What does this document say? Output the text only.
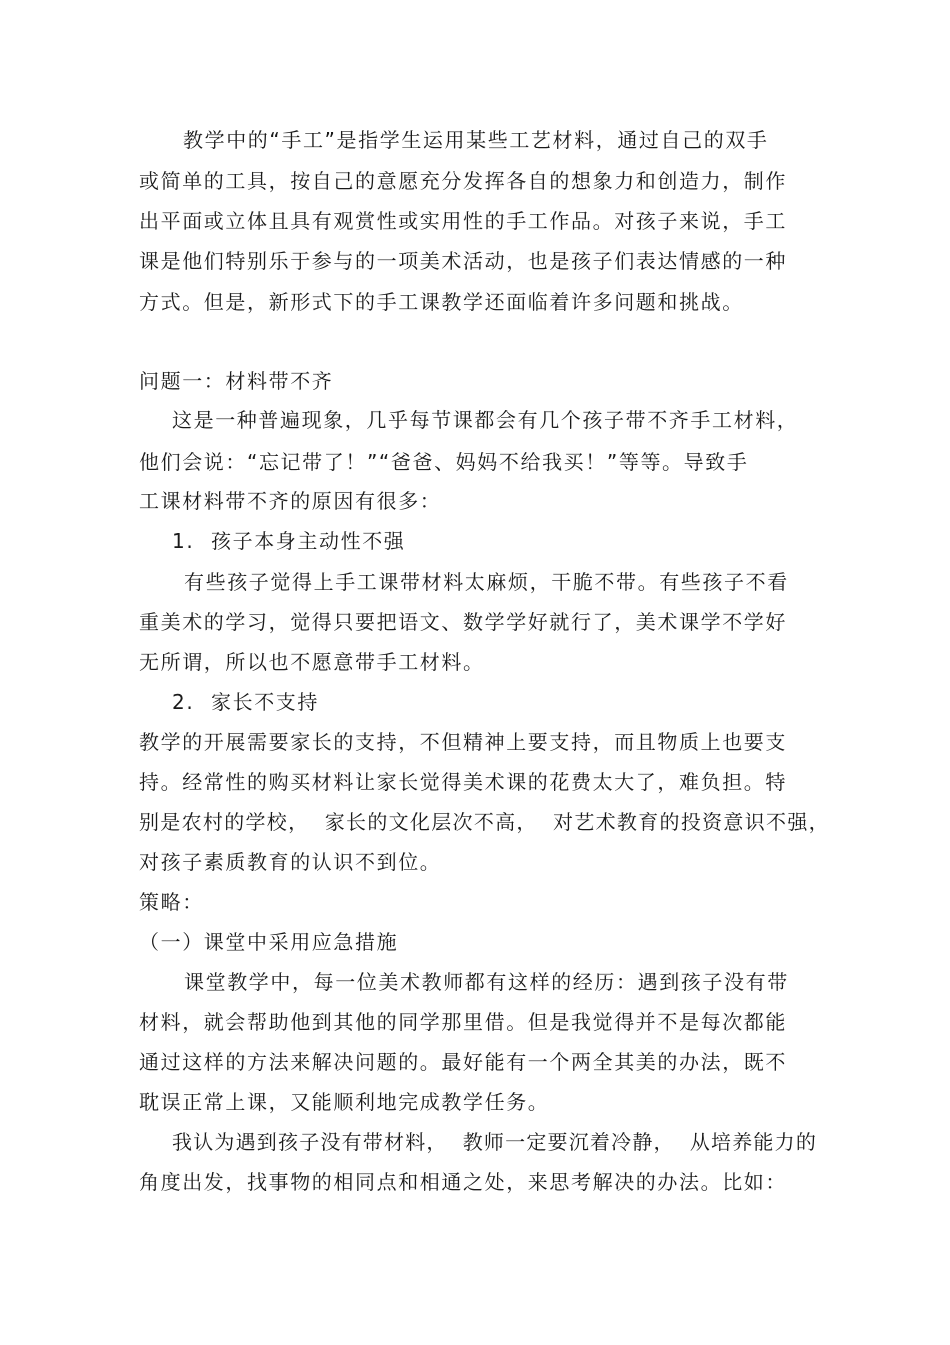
教学中的“手工”是指学生运用某些工艺材料，通过自己的双手
或简单的工具，按自己的意愿充分发挥各自的想象力和创造力，制作
出平面或立体且具有观赏性或实用性的手工作品。对孩子来说，手工
课是他们特别乐于参与的一项美术活动，也是孩子们表达情感的一种
方式。但是，新形式下的手工课教学还面临着许多问题和挑战。
问题一：材料带不齐
这是一种普遍现象，几乎每节课都会有几个孩子带不齐手工材料，
他们会说：“忘记带了！”“爸爸、妈妈不给我买！”等等。导致手
工课材料带不齐的原因有很多：
1. 孩子本身主动性不强
有些孩子觉得上手工课带材料太麻烦，干脆不带。有些孩子不看
重美术的学习，觉得只要把语文、数学学好就行了，美术课学不学好
无所谓，所以也不愿意带手工材料。
2. 家长不支持
教学的开展需要家长的支持，不但精神上要支持，而且物质上也要支
持。经常性的购买材料让家长觉得美术课的花费太大了，难负担。特
别是农村的学校，  家长的文化层次不高，  对艺术教育的投资意识不强，
对孩子素质教育的认识不到位。
策略：
（一）课堂中采用应急措施
课堂教学中，每一位美术教师都有这样的经历：遇到孩子没有带
材料，就会帮助他到其他的同学那里借。但是我觉得并不是每次都能
通过这样的方法来解决问题的。最好能有一个两全其美的办法，既不
耽误正常上课，又能顺利地完成教学任务。
我认为遇到孩子没有带材料，  教师一定要沉着冷静，  从培养能力的
角度出发，找事物的相同点和相通之处，来思考解决的办法。比如：
